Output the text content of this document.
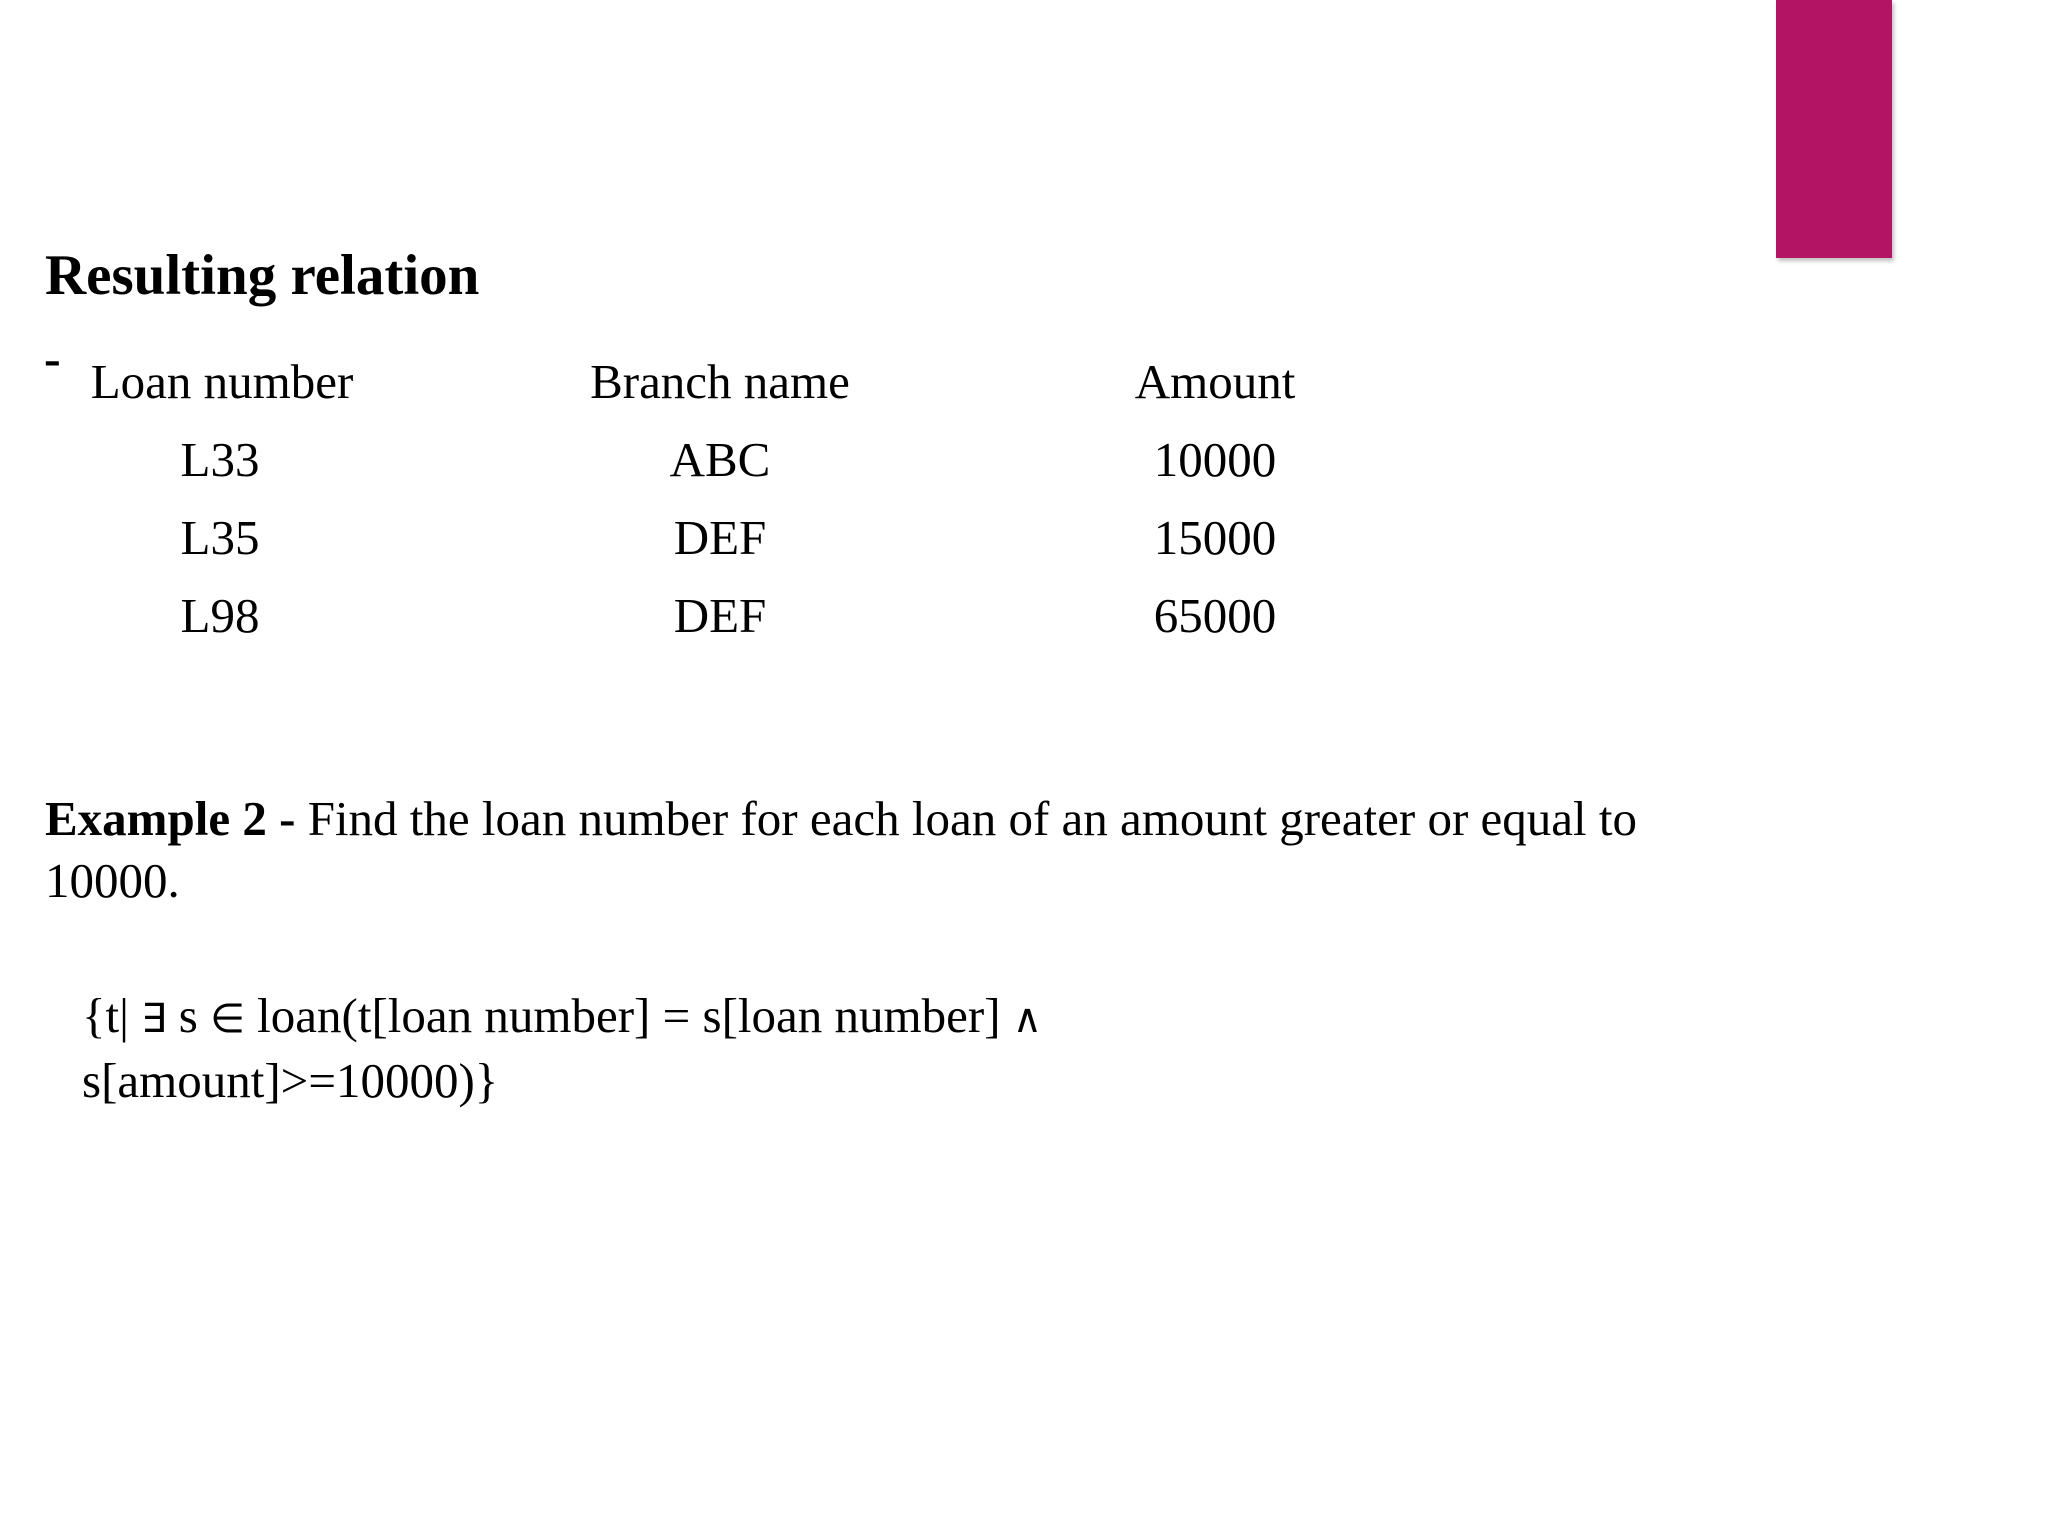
Resulting relation
- Loan number	Branch name	Amount
L33	ABC	10000
L35	DEF	15000
L98	DEF	65000
Example 2 - Find the loan number for each loan of an amount greater or equal to 10000.
{t| ∃ s ∈ loan(t[loan number] = s[loan number] ∧
s[amount]>=10000)}
